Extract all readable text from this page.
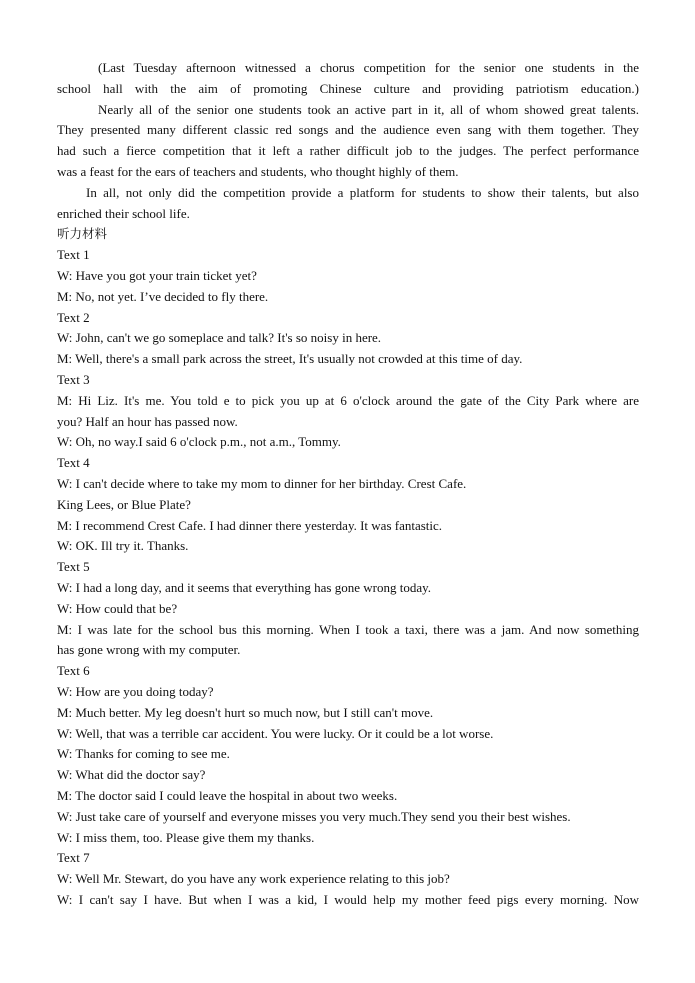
(Last Tuesday afternoon witnessed a chorus competition for the senior one students in the
school hall with the aim of promoting Chinese culture and providing patriotism education.)
Nearly all of the senior one students took an active part in it, all of whom showed great talents.
They presented many different classic red songs and the audience even sang with them together. They
had such a fierce competition that it left a rather difficult job to the judges. The perfect performance
was a feast for the ears of teachers and students, who thought highly of them.
In all, not only did the competition provide a platform for students to show their talents, but also
enriched their school life.
听力材料
Text 1
W: Have you got your train ticket yet?
M: No, not yet. I’ve decided to fly there.
Text 2
W: John, can't we go someplace and talk? It's so noisy in here.
M: Well, there's a small park across the street, It's usually not crowded at this time of day.
Text 3
M: Hi Liz. It's me. You told e to pick you up at 6 o'clock around the gate of the City Park where are
you? Half an hour has passed now.
W: Oh, no way.I said 6 o'clock p.m., not a.m., Tommy.
Text 4
W: I can't decide where to take my mom to dinner for her birthday. Crest Cafe.
King Lees, or Blue Plate?
M: I recommend Crest Cafe. I had dinner there yesterday. It was fantastic.
W: OK. Ill try it. Thanks.
Text 5
W: I had a long day, and it seems that everything has gone wrong today.
W: How could that be?
M: I was late for the school bus this morning. When I took a taxi, there was a jam. And now something
has gone wrong with my computer.
Text 6
W: How are you doing today?
M: Much better. My leg doesn't hurt so much now, but I still can't move.
W: Well, that was a terrible car accident. You were lucky. Or it could be a lot worse.
W: Thanks for coming to see me.
W: What did the doctor say?
M: The doctor said I could leave the hospital in about two weeks.
W: Just take care of yourself and everyone misses you very much.They send you their best wishes.
W: I miss them, too. Please give them my thanks.
Text 7
W: Well Mr. Stewart, do you have any work experience relating to this job?
W: I can't say I have. But when I was a kid, I would help my mother feed pigs every morning. Now
